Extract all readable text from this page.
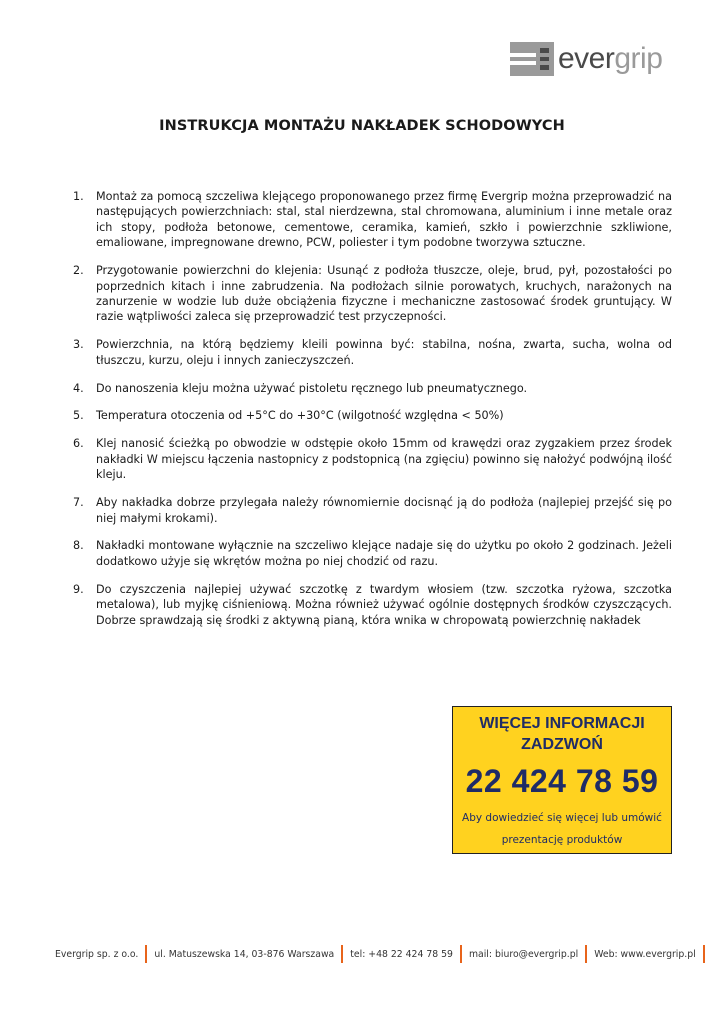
evergrip
INSTRUKCJA MONTAŻU NAKŁADEK SCHODOWYCH
1. Montaż za pomocą szczeliwa klejącego proponowanego przez firmę Evergrip można przeprowadzić na następujących powierzchniach: stal, stal nierdzewna, stal chromowana, aluminium i inne metale oraz ich stopy, podłoża betonowe, cementowe, ceramika, kamień, szkło i powierzchnie szkliwione, emaliowane, impregnowane drewno, PCW, poliester i tym podobne tworzywa sztuczne.
2. Przygotowanie powierzchni do klejenia: Usunąć z podłoża tłuszcze, oleje, brud, pył, pozostałości po poprzednich kitach i inne zabrudzenia. Na podłożach silnie porowatych, kruchych, narażonych na zanurzenie w wodzie lub duże obciążenia fizyczne i mechaniczne zastosować środek gruntujący. W razie wątpliwości zaleca się przeprowadzić test przyczepności.
3. Powierzchnia, na którą będziemy kleili powinna być: stabilna, nośna, zwarta, sucha, wolna od tłuszczu, kurzu, oleju i innych zanieczyszczeń.
4. Do nanoszenia kleju można używać pistoletu ręcznego lub pneumatycznego.
5. Temperatura otoczenia od +5°C do +30°C (wilgotność względna < 50%)
6. Klej nanosić ścieżką po obwodzie w odstępie około 15mm od krawędzi oraz zygzakiem przez środek nakładki W miejscu łączenia nastopnicy z podstopnicą (na zgięciu) powinno się nałożyć podwójną ilość kleju.
7. Aby nakładka dobrze przylegała należy równomiernie docisnąć ją do podłoża (najlepiej przejść się po niej małymi krokami).
8. Nakładki montowane wyłącznie na szczeliwo klejące nadaje się do użytku po około 2 godzinach. Jeżeli dodatkowo użyje się wkrętów można po niej chodzić od razu.
9. Do czyszczenia najlepiej używać szczotkę z twardym włosiem (tzw. szczotka ryżowa, szczotka metalowa), lub myjkę ciśnieniową. Można również używać ogólnie dostępnych środków czyszczących. Dobrze sprawdzają się środki z aktywną pianą, która wnika w chropowatą powierzchnię nakładek
WIĘCEJ INFORMACJI
ZADZWOŃ
22 424 78 59
Aby dowiedzieć się więcej lub umówić
prezentację produktów
Evergrip sp. z o.o. ul. Matuszewska 14, 03-876 Warszawa tel: +48 22 424 78 59 mail: biuro@evergrip.pl Web: www.evergrip.pl
